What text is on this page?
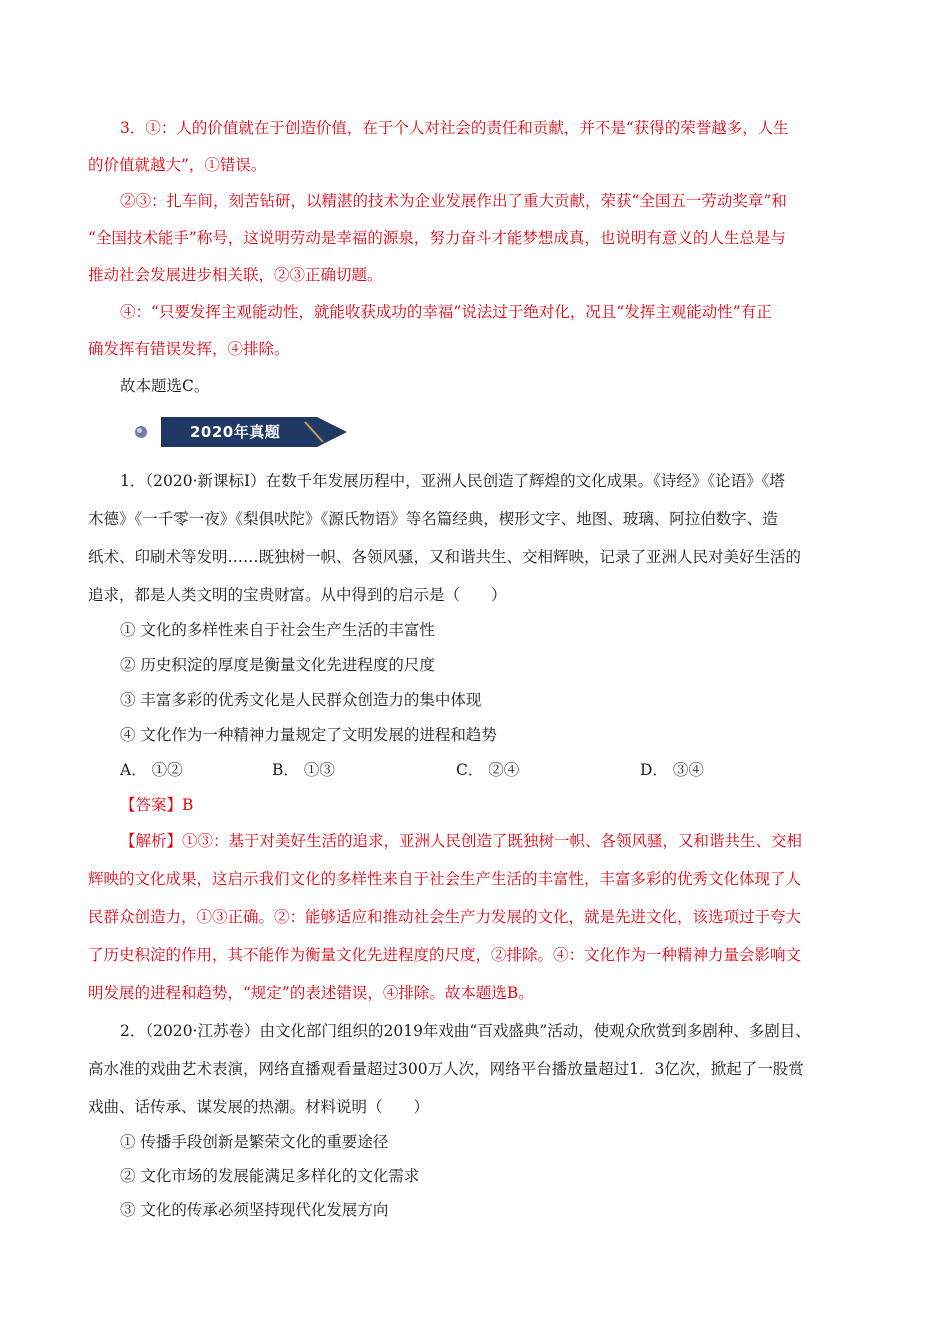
3．①：人的价值就在于创造价值，在于个人对社会的责任和贡献，并不是“获得的荣誉越多，人生
的价值就越大”，①错误。
②③：扎车间，刻苦钻研，以精湛的技术为企业发展作出了重大贡献，荣获“全国五一劳动奖章”和
“全国技术能手”称号，这说明劳动是幸福的源泉，努力奋斗才能梦想成真，也说明有意义的人生总是与
推动社会发展进步相关联，②③正确切题。
④：“只要发挥主观能动性，就能收获成功的幸福”说法过于绝对化，况且“发挥主观能动性”有正
确发挥有错误发挥，④排除。
故本题选C。
2020年真题
1．（2020·新课标Ⅰ）在数千年发展历程中，亚洲人民创造了辉煌的文化成果。《诗经》《论语》《塔
木德》《一千零一夜》《梨俱吠陀》《源氏物语》等名篇经典，楔形文字、地图、玻璃、阿拉伯数字、造
纸术、印刷术等发明……既独树一帜、各领风骚，又和谐共生、交相辉映，记录了亚洲人民对美好生活的
追求，都是人类文明的宝贵财富。从中得到的启示是（　　）
① 文化的多样性来自于社会生产生活的丰富性
② 历史积淀的厚度是衡量文化先进程度的尺度
③ 丰富多彩的优秀文化是人民群众创造力的集中体现
④ 文化作为一种精神力量规定了文明发展的进程和趋势
A． ①②	B． ①③	C． ②④	D． ③④
【答案】B
【解析】①③：基于对美好生活的追求，亚洲人民创造了既独树一帜、各领风骚，又和谐共生、交相
辉映的文化成果，这启示我们文化的多样性来自于社会生产生活的丰富性，丰富多彩的优秀文化体现了人
民群众创造力，①③正确。②：能够适应和推动社会生产力发展的文化，就是先进文化，该选项过于夸大
了历史积淀的作用，其不能作为衡量文化先进程度的尺度，②排除。④：文化作为一种精神力量会影响文
明发展的进程和趋势，“规定”的表述错误，④排除。故本题选B。
2．（2020·江苏卷）由文化部门组织的2019年戏曲“百戏盛典”活动，使观众欣赏到多剧种、多剧目、
高水准的戏曲艺术表演，网络直播观看量超过300万人次，网络平台播放量超过1．3亿次，掀起了一股赏
戏曲、话传承、谋发展的热潮。材料说明（　　）
① 传播手段创新是繁荣文化的重要途径
② 文化市场的发展能满足多样化的文化需求
③ 文化的传承必须坚持现代化发展方向
